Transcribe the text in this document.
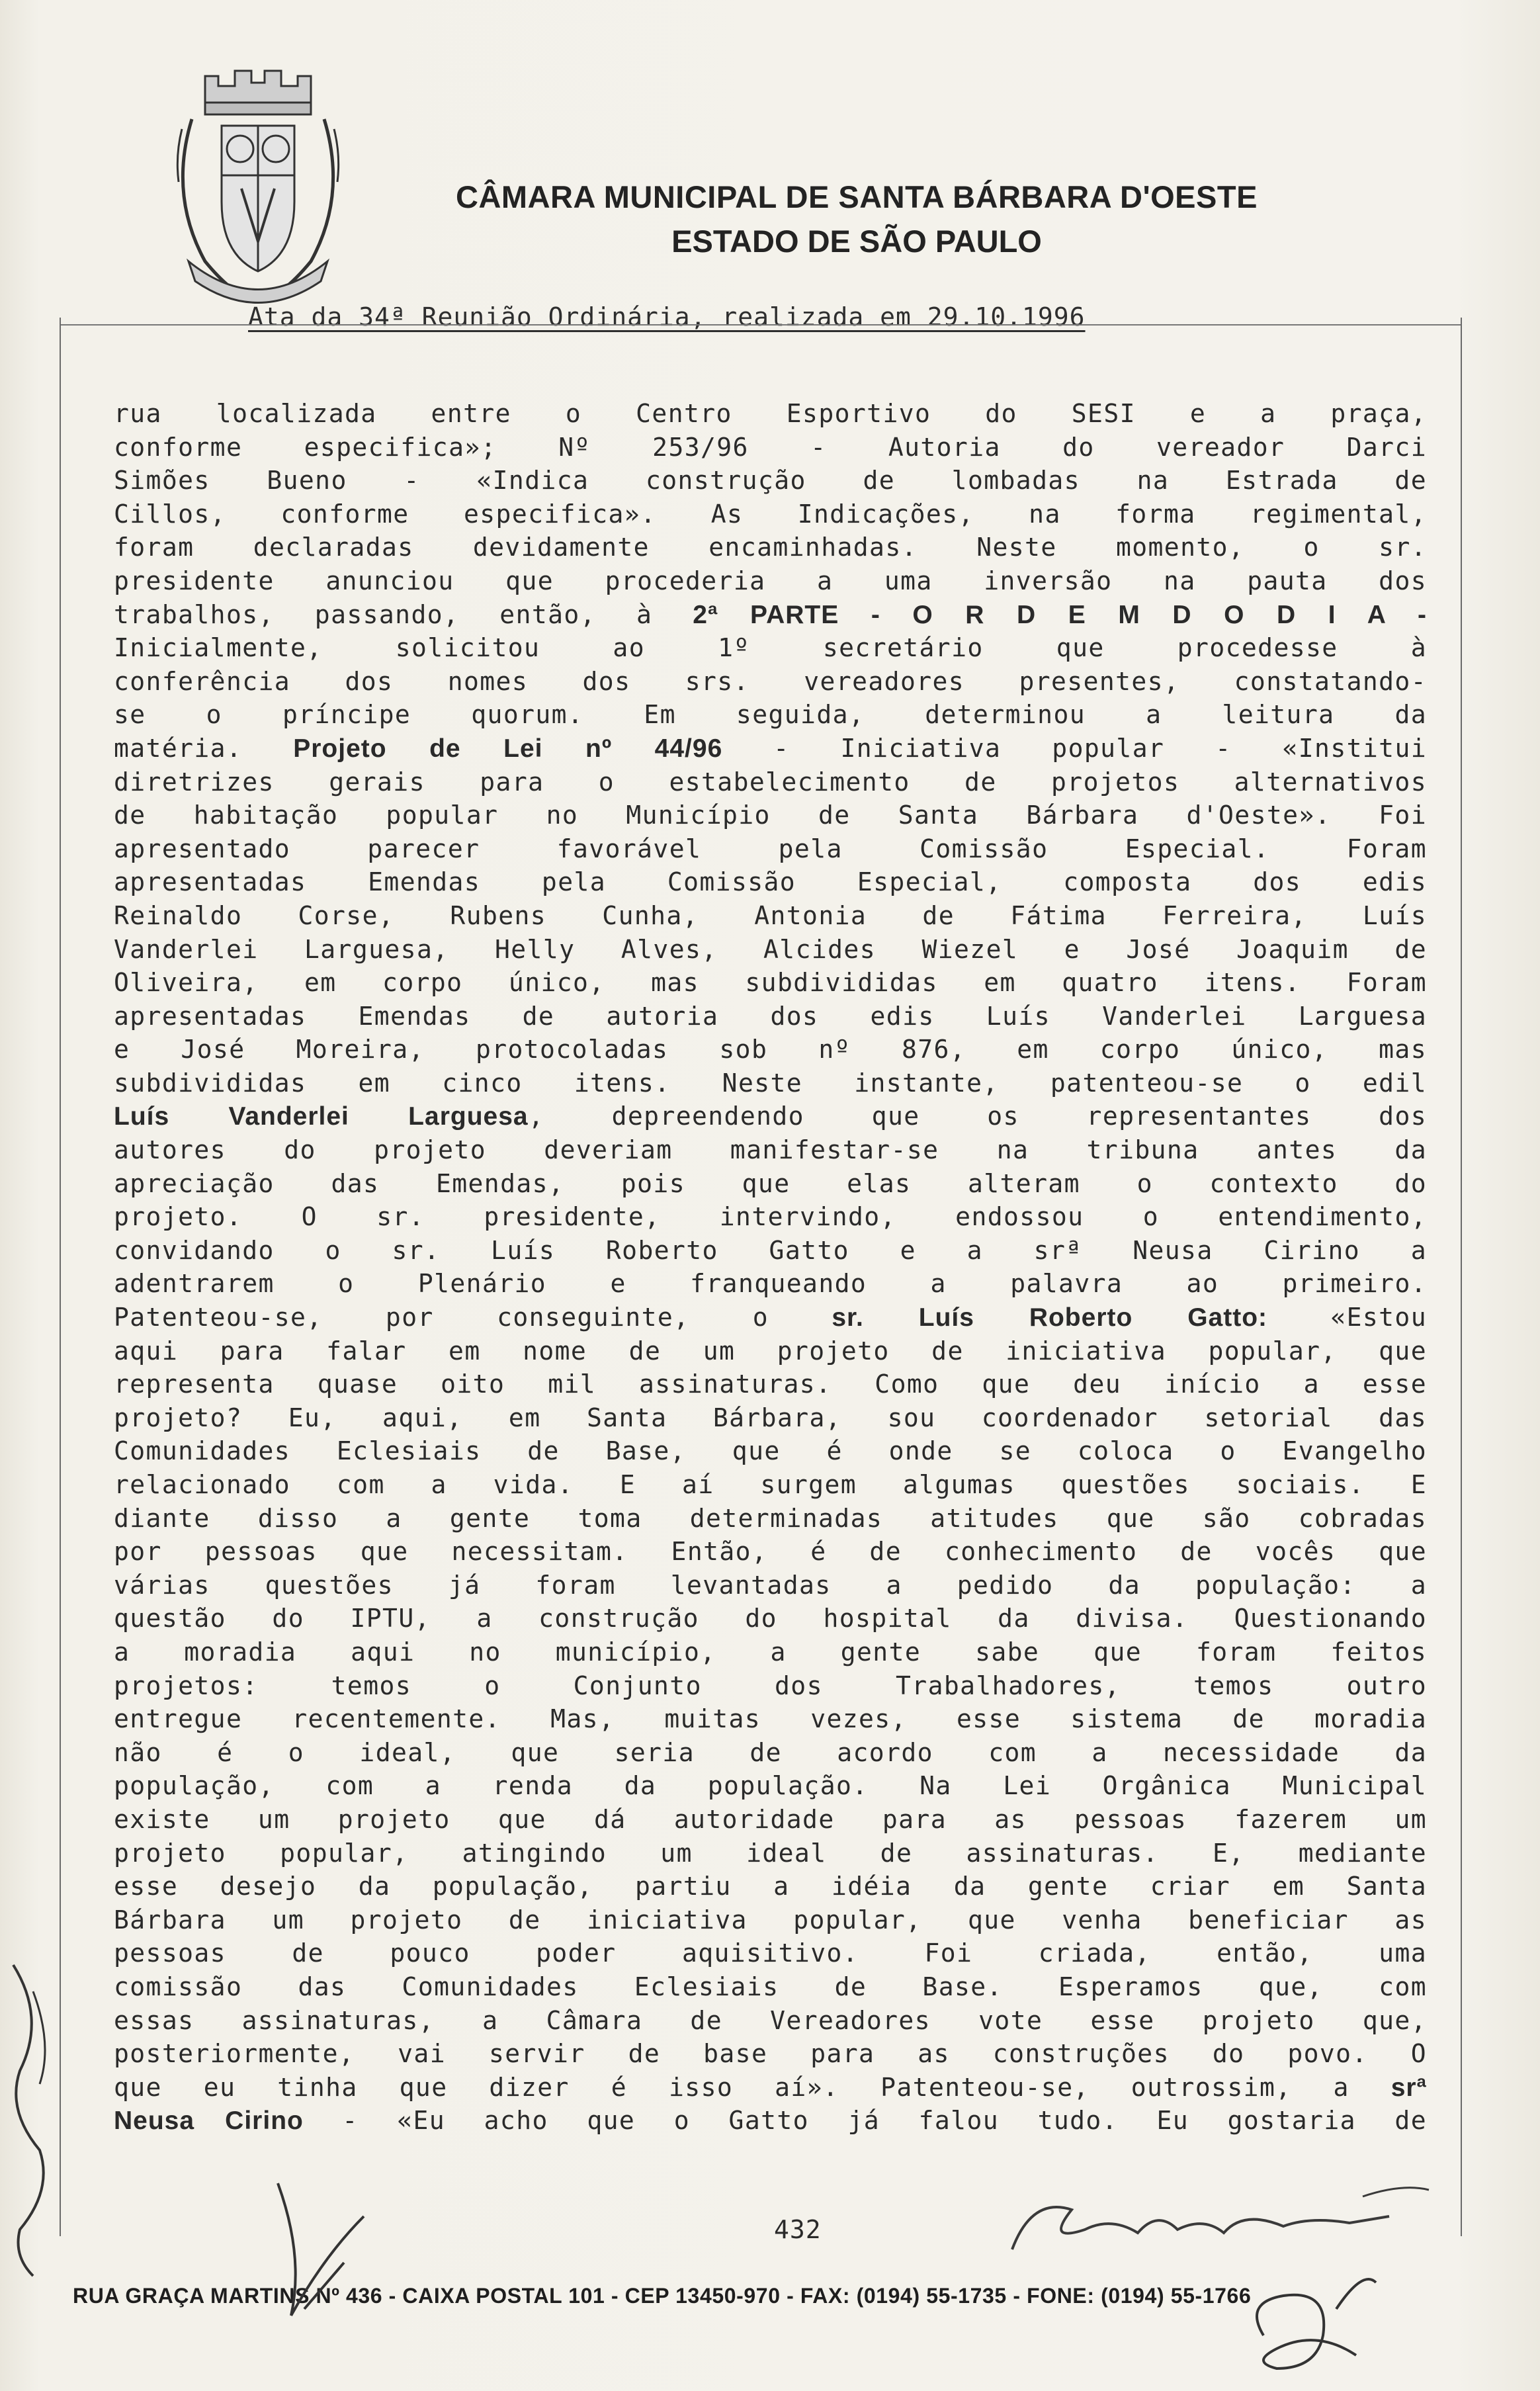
CÂMARA MUNICIPAL DE SANTA BÁRBARA D'OESTE
ESTADO DE SÃO PAULO
Ata da 34ª Reunião Ordinária, realizada em 29.10.1996

rua localizada entre o Centro Esportivo do SESI e a praça,

conforme especifica»; Nº 253/96 - Autoria do vereador Darci

Simões Bueno - «Indica construção de lombadas na Estrada de

Cillos, conforme especifica». As Indicações, na forma regimental,

foram declaradas devidamente encaminhadas. Neste momento, o sr.

presidente anunciou que procederia a uma inversão na pauta dos

trabalhos, passando, então, à 2ª PARTE - O R D E M D O D I A -

Inicialmente, solicitou ao 1º secretário que procedesse à

conferência dos nomes dos srs. vereadores presentes, constatando-

se o príncipe quorum. Em seguida, determinou a leitura da

matéria. Projeto de Lei nº 44/96 - Iniciativa popular - «Institui

diretrizes gerais para o estabelecimento de projetos alternativos

de habitação popular no Município de Santa Bárbara d'Oeste». Foi

apresentado parecer favorável pela Comissão Especial. Foram

apresentadas Emendas pela Comissão Especial, composta dos edis

Reinaldo Corse, Rubens Cunha, Antonia de Fátima Ferreira, Luís

Vanderlei Larguesa, Helly Alves, Alcides Wiezel e José Joaquim de

Oliveira, em corpo único, mas subdivididas em quatro itens. Foram

apresentadas Emendas de autoria dos edis Luís Vanderlei Larguesa

e José Moreira, protocoladas sob nº 876, em corpo único, mas

subdivididas em cinco itens. Neste instante, patenteou-se o edil

Luís Vanderlei Larguesa, depreendendo que os representantes dos

autores do projeto deveriam manifestar-se na tribuna antes da

apreciação das Emendas, pois que elas alteram o contexto do

projeto. O sr. presidente, intervindo, endossou o entendimento,

convidando o sr. Luís Roberto Gatto e a srª Neusa Cirino a

adentrarem o Plenário e franqueando a palavra ao primeiro.

Patenteou-se, por conseguinte, o sr. Luís Roberto Gatto: «Estou

aqui para falar em nome de um projeto de iniciativa popular, que

representa quase oito mil assinaturas. Como que deu início a esse

projeto? Eu, aqui, em Santa Bárbara, sou coordenador setorial das

Comunidades Eclesiais de Base, que é onde se coloca o Evangelho

relacionado com a vida. E aí surgem algumas questões sociais. E

diante disso a gente toma determinadas atitudes que são cobradas

por pessoas que necessitam. Então, é de conhecimento de vocês que

várias questões já foram levantadas a pedido da população: a

questão do IPTU, a construção do hospital da divisa. Questionando

a moradia aqui no município, a gente sabe que foram feitos

projetos: temos o Conjunto dos Trabalhadores, temos outro

entregue recentemente. Mas, muitas vezes, esse sistema de moradia

não é o ideal, que seria de acordo com a necessidade da

população, com a renda da população. Na Lei Orgânica Municipal

existe um projeto que dá autoridade para as pessoas fazerem um

projeto popular, atingindo um ideal de assinaturas. E, mediante

esse desejo da população, partiu a idéia da gente criar em Santa

Bárbara um projeto de iniciativa popular, que venha beneficiar as

pessoas de pouco poder aquisitivo. Foi criada, então, uma

comissão das Comunidades Eclesiais de Base. Esperamos que, com

essas assinaturas, a Câmara de Vereadores vote esse projeto que,

posteriormente, vai servir de base para as construções do povo. O

que eu tinha que dizer é isso aí». Patenteou-se, outrossim, a srª

Neusa Cirino - «Eu acho que o Gatto já falou tudo. Eu gostaria de

432
RUA GRAÇA MARTINS Nº 436 - CAIXA POSTAL 101 - CEP 13450-970 - FAX: (0194) 55-1735 - FONE: (0194) 55-1766
